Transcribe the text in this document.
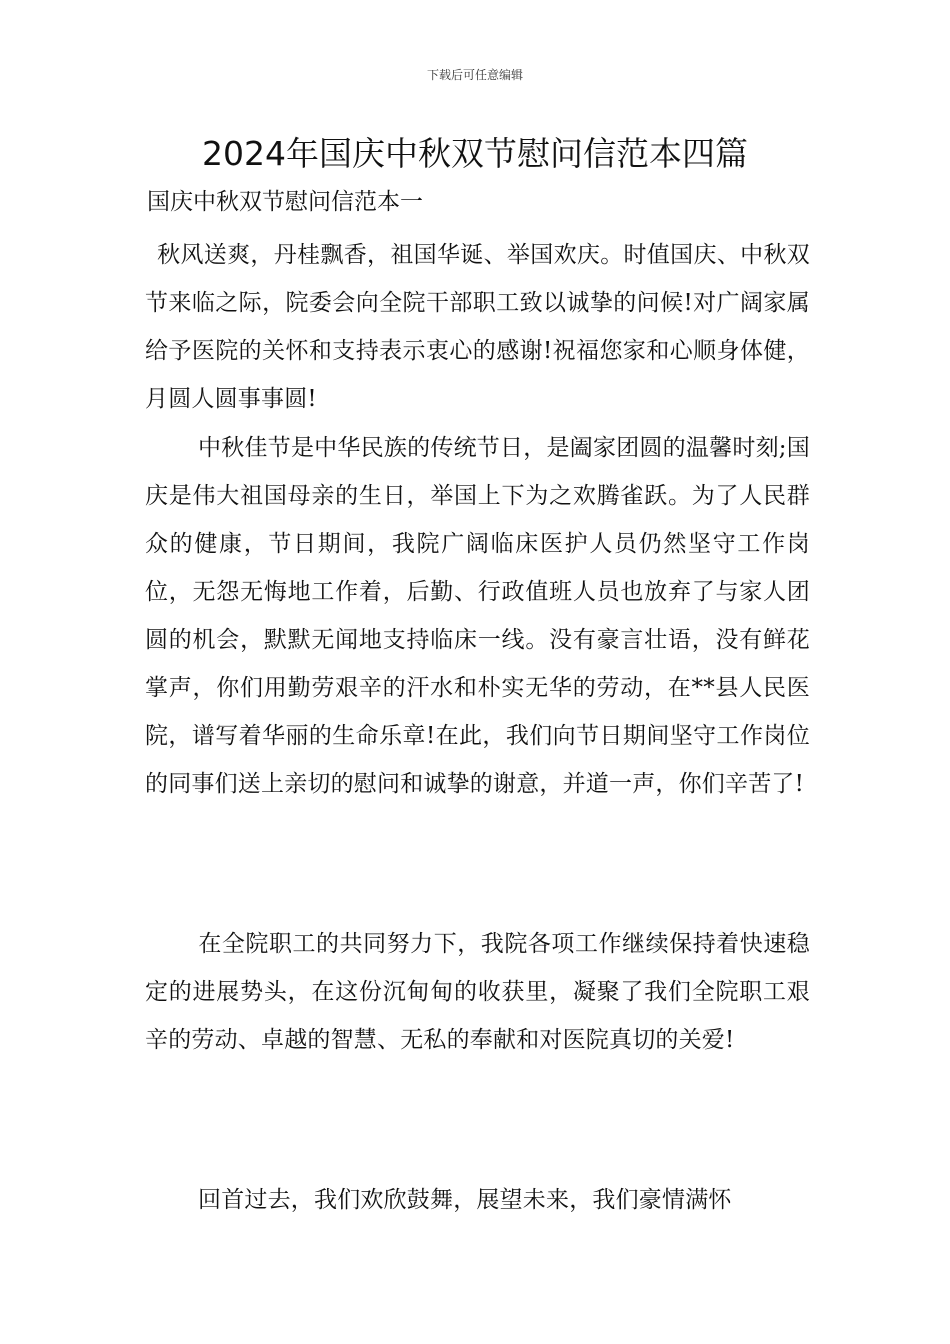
下载后可任意编辑
2024年国庆中秋双节慰问信范本四篇
国庆中秋双节慰问信范本一
秋风送爽，丹桂飘香，祖国华诞、举国欢庆。时值国庆、中秋双节来临之际，院委会向全院干部职工致以诚挚的问候!对广阔家属给予医院的关怀和支持表示衷心的感谢!祝福您家和心顺身体健，月圆人圆事事圆!
中秋佳节是中华民族的传统节日，是阖家团圆的温馨时刻;国庆是伟大祖国母亲的生日，举国上下为之欢腾雀跃。为了人民群众的健康，节日期间，我院广阔临床医护人员仍然坚守工作岗位，无怨无悔地工作着，后勤、行政值班人员也放弃了与家人团圆的机会，默默无闻地支持临床一线。没有豪言壮语，没有鲜花掌声，你们用勤劳艰辛的汗水和朴实无华的劳动，在**县人民医院，谱写着华丽的生命乐章!在此，我们向节日期间坚守工作岗位的同事们送上亲切的慰问和诚挚的谢意，并道一声，你们辛苦了!
在全院职工的共同努力下，我院各项工作继续保持着快速稳定的进展势头，在这份沉甸甸的收获里，凝聚了我们全院职工艰辛的劳动、卓越的智慧、无私的奉献和对医院真切的关爱!
回首过去，我们欢欣鼓舞，展望未来，我们豪情满怀
